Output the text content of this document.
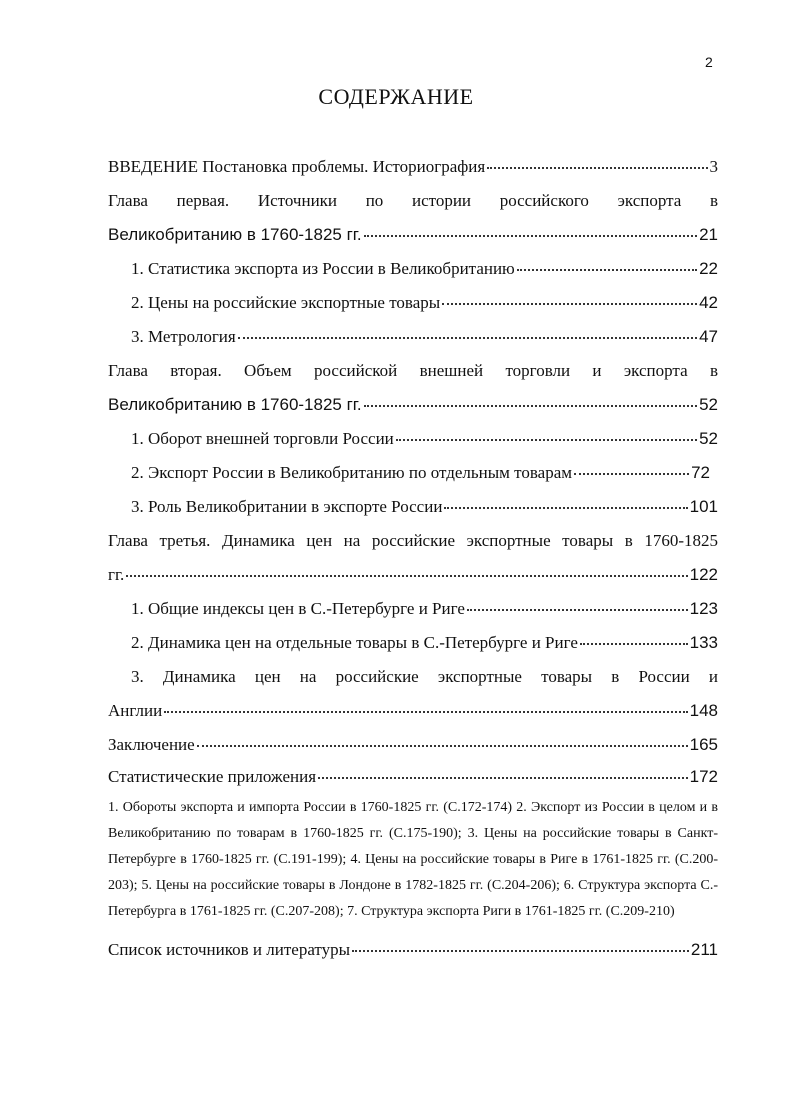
2
СОДЕРЖАНИЕ
ВВЕДЕНИЕ Постановка проблемы. Историография	3
Глава первая. Источники по истории российского экспорта в
Великобританию в 1760-1825 гг.	21
1. Статистика экспорта из России в Великобританию	22
2. Цены на российские экспортные товары	42
3. Метрология	47
Глава вторая. Объем российской внешней торговли и экспорта в
Великобританию в 1760-1825 гг.	52
1. Оборот внешней торговли России	52
2. Экспорт России в Великобританию по отдельным товарам	72
3. Роль Великобритании в экспорте России	101
Глава третья. Динамика цен на российские экспортные товары в 1760-1825
гг.	122
1. Общие индексы цен в С.-Петербурге и Риге	123
2. Динамика цен на отдельные товары в С.-Петербурге и Риге	133
3. Динамика цен на российские экспортные товары в России и
Англии	148
Заключение	165
Статистические приложения	172
1. Обороты экспорта и импорта России в 1760-1825 гг. (С.172-174) 2. Экспорт из России в целом и в Великобританию по товарам в 1760-1825 гг. (С.175-190); 3. Цены на российские товары в Санкт-Петербурге в 1760-1825 гг. (С.191-199); 4. Цены на российские товары в Риге в 1761-1825 гг. (С.200-203); 5. Цены на российские товары в Лондоне в 1782-1825 гг. (С.204-206); 6. Структура экспорта С.-Петербурга в 1761-1825 гг. (С.207-208); 7. Структура экспорта Риги в 1761-1825 гг. (С.209-210)
Список источников и литературы	211
